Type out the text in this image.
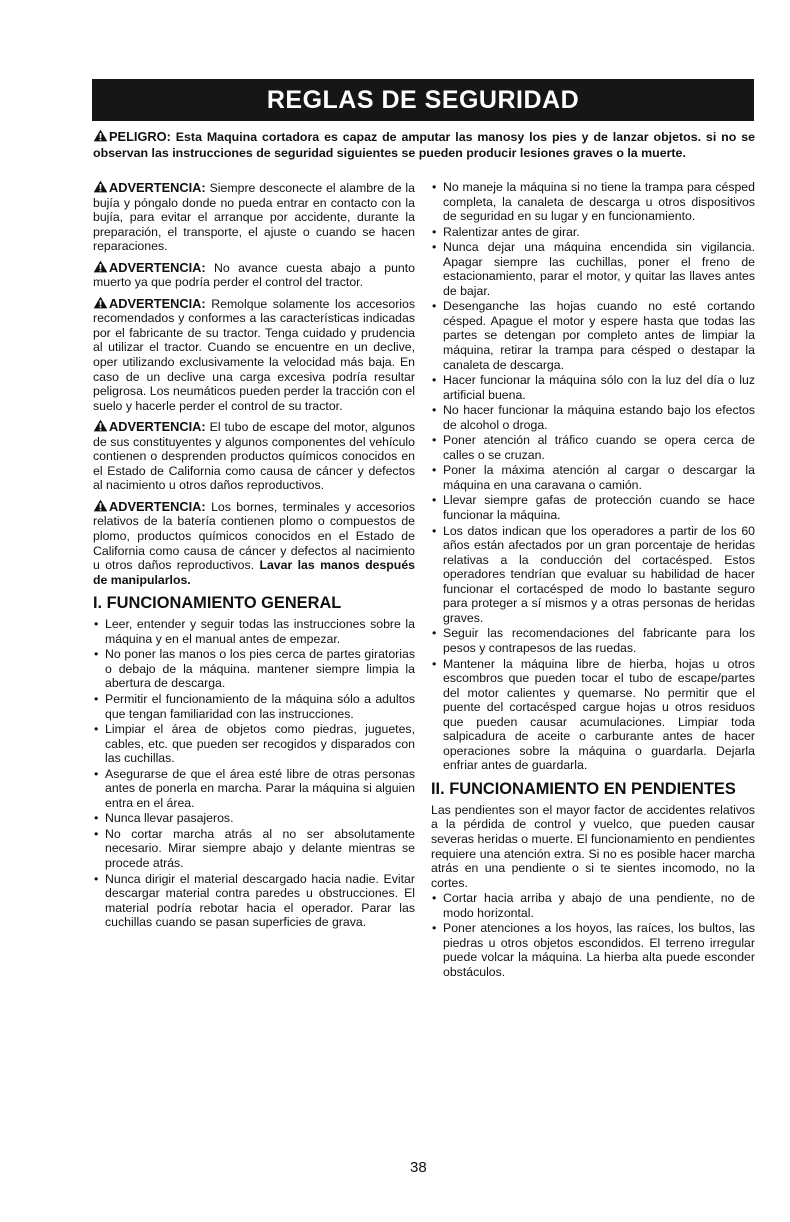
REGLAS DE SEGURIDAD
PELIGRO: Esta Maquina cortadora es capaz de amputar las manosy los pies y de lanzar objetos. si no se observan las instrucciones de seguridad siguientes se pueden producir lesiones graves o la muerte.

ADVERTENCIA: Siempre desconecte el alambre de la bujía y póngalo donde no pueda entrar en contacto con la bujía, para evitar el arranque por accidente, durante la preparación, el transporte, el ajuste o cuando se hacen reparaciones.

ADVERTENCIA: No avance cuesta abajo a punto muerto ya que podría perder el control del tractor.

ADVERTENCIA: Remolque solamente los accesorios recomendados y conformes a las características indicadas por el fabricante de su tractor. Tenga cuidado y prudencia al utilizar el tractor. Cuando se encuentre en un declive, oper utilizando exclusivamente la velocidad más baja. En caso de un declive una carga excesiva podría resultar peligrosa. Los neumáticos pueden perder la tracción con el suelo y hacerle perder el control de su tractor.

ADVERTENCIA: El tubo de escape del motor, algunos de sus constituyentes y algunos componentes del vehículo contienen o desprenden productos químicos conocidos en el Estado de California como causa de cáncer y defectos al nacimiento u otros daños reproductivos.

ADVERTENCIA: Los bornes, terminales y accesorios relativos de la batería contienen plomo o compuestos de plomo, productos químicos conocidos en el Estado de California como causa de cáncer y defectos al nacimiento u otros daños reproductivos. Lavar las manos después de manipularlos.

I. FUNCIONAMIENTO GENERAL
• Leer, entender y seguir todas las instrucciones sobre la máquina y en el manual antes de empezar.
• No poner las manos o los pies cerca de partes giratorias o debajo de la máquina. mantener siempre limpia la abertura de descarga.
• Permitir el funcionamiento de la máquina sólo a adultos que tengan familiaridad con las instrucciones.
• Limpiar el área de objetos como piedras, juguetes, cables, etc. que pueden ser recogidos y disparados con las cuchillas.
• Asegurarse de que el área esté libre de otras personas antes de ponerla en marcha. Parar la máquina si alguien entra en el área.
• Nunca llevar pasajeros.
• No cortar marcha atrás al no ser absolutamente necesario. Mirar siempre abajo y delante mientras se procede atrás.
• Nunca dirigir el material descargado hacia nadie. Evitar descargar material contra paredes u obstrucciones. El material podría rebotar hacia el operador. Parar las cuchillas cuando se pasan superficies de grava.
• No maneje la máquina si no tiene la trampa para césped completa, la canaleta de descarga u otros dispositivos de seguridad en su lugar y en funcionamiento.
• Ralentizar antes de girar.
• Nunca dejar una máquina encendida sin vigilancia. Apagar siempre las cuchillas, poner el freno de estacionamiento, parar el motor, y quitar las llaves antes de bajar.
• Desenganche las hojas cuando no esté cortando césped. Apague el motor y espere hasta que todas las partes se detengan por completo antes de limpiar la máquina, retirar la trampa para césped o destapar la canaleta de descarga.
• Hacer funcionar la máquina sólo con la luz del día o luz artificial buena.
• No hacer funcionar la máquina estando bajo los efectos de alcohol o droga.
• Poner atención al tráfico cuando se opera cerca de calles o se cruzan.
• Poner la máxima atención al cargar o descargar la máquina en una caravana o camión.
• Llevar siempre gafas de protección cuando se hace funcionar la máquina.
• Los datos indican que los operadores a partir de los 60 años están afectados por un gran porcentaje de heridas relativas a la conducción del cortacésped. Estos operadores tendrían que evaluar su habilidad de hacer funcionar el cortacésped de modo lo bastante seguro para proteger a sí mismos y a otras personas de heridas graves.
• Seguir las recomendaciones del fabricante para los pesos y contrapesos de las ruedas.
• Mantener la máquina libre de hierba, hojas u otros escombros que pueden tocar el tubo de escape/partes del motor calientes y quemarse. No permitir que el puente del cortacésped cargue hojas u otros residuos que pueden causar acumulaciones. Limpiar toda salpicadura de aceite o carburante antes de hacer operaciones sobre la máquina o guardarla. Dejarla enfriar antes de guardarla.
II. FUNCIONAMIENTO EN PENDIENTES

Las pendientes son el mayor factor de accidentes relativos a la pérdida de control y vuelco, que pueden causar severas heridas o muerte. El funcionamiento en pendientes requiere una atención extra. Si no es posible hacer marcha atrás en una pendiente o si te sientes incomodo, no la cortes.

• Cortar hacia arriba y abajo de una pendiente, no de modo horizontal.
• Poner atenciones a los hoyos, las raíces, los bultos, las piedras u otros objetos escondidos. El terreno irregular puede volcar la máquina. La hierba alta puede esconder obstáculos.
38
